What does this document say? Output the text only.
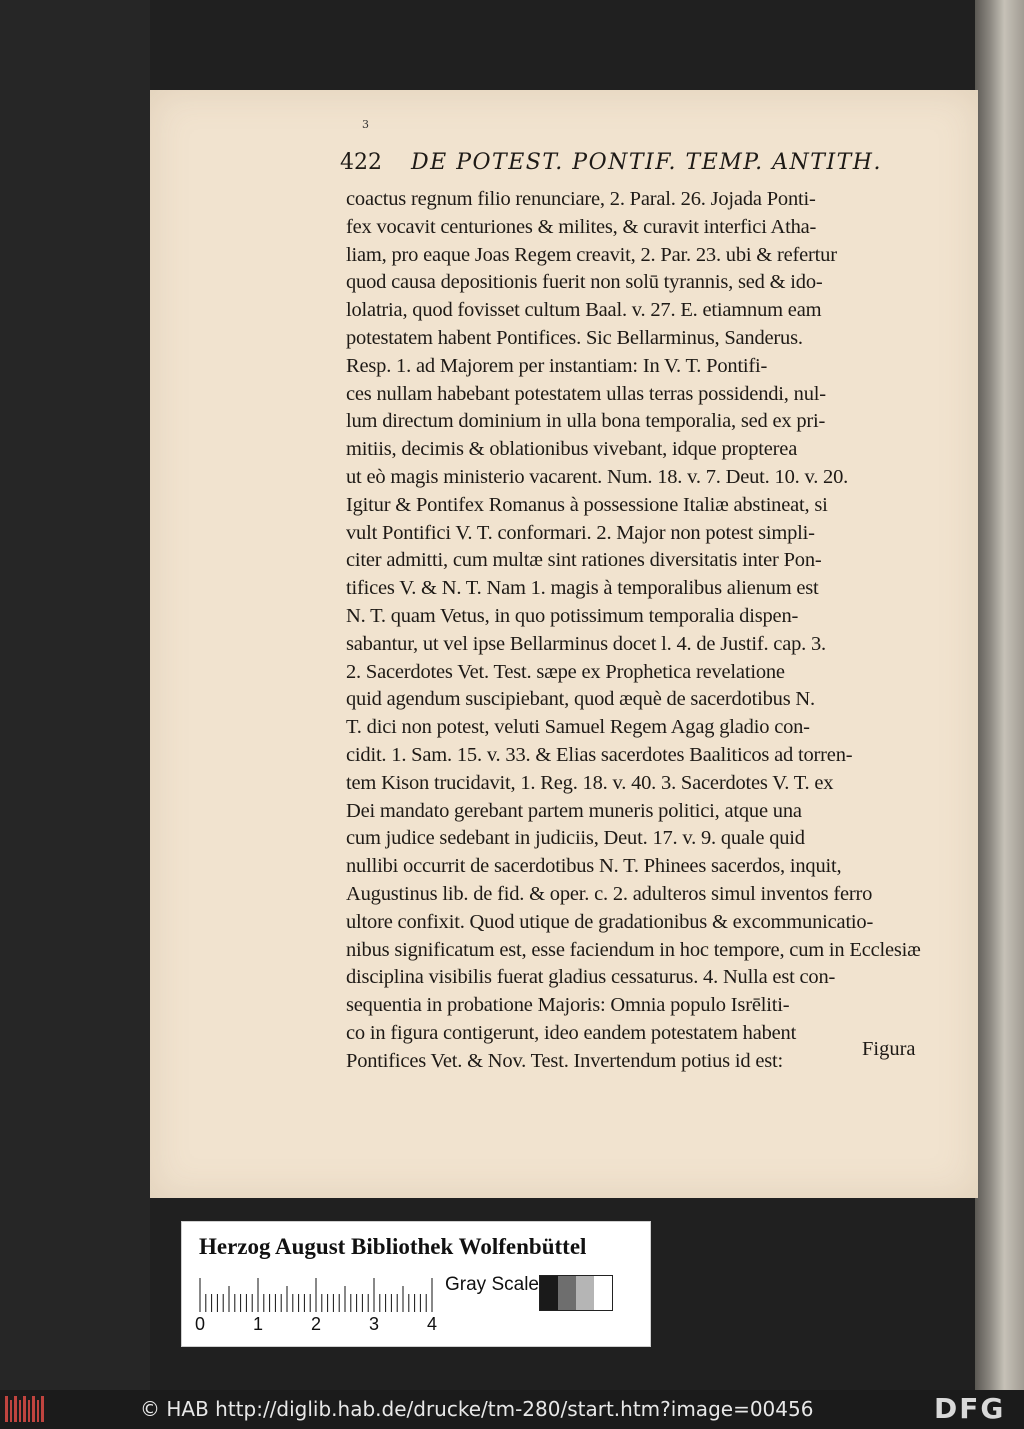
3
422 DE POTEST. PONTIF. TEMP. ANTITH.
coactus regnum filio renunciare, 2. Paral. 26. Jojada Ponti-
fex vocavit centuriones & milites, & curavit interfici Atha-
liam, pro eaque Joas Regem creavit, 2. Par. 23. ubi & refertur
quod causa depositionis fuerit non solū tyrannis, sed & ido-
lolatria, quod fovisset cultum Baal. v. 27. E. etiamnum eam
potestatem habent Pontifices. Sic Bellarminus, Sanderus.
Resp. 1. ad Majorem per instantiam: In V. T. Pontifi-
ces nullam habebant potestatem ullas terras possidendi, nul-
lum directum dominium in ulla bona temporalia, sed ex pri-
mitiis, decimis & oblationibus vivebant, idque propterea
ut eò magis ministerio vacarent. Num. 18. v. 7. Deut. 10. v. 20.
Igitur & Pontifex Romanus à possessione Italiæ abstineat, si
vult Pontifici V. T. conformari. 2. Major non potest simpli-
citer admitti, cum multæ sint rationes diversitatis inter Pon-
tifices V. & N. T. Nam 1. magis à temporalibus alienum est
N. T. quam Vetus, in quo potissimum temporalia dispen-
sabantur, ut vel ipse Bellarminus docet l. 4. de Justif. cap. 3.
2. Sacerdotes Vet. Test. sæpe ex Prophetica revelatione
quid agendum suscipiebant, quod æquè de sacerdotibus N.
T. dici non potest, veluti Samuel Regem Agag gladio con-
cidit. 1. Sam. 15. v. 33. & Elias sacerdotes Baaliticos ad torren-
tem Kison trucidavit, 1. Reg. 18. v. 40. 3. Sacerdotes V. T. ex
Dei mandato gerebant partem muneris politici, atque una
cum judice sedebant in judiciis, Deut. 17. v. 9. quale quid
nullibi occurrit de sacerdotibus N. T. Phinees sacerdos, inquit,
Augustinus lib. de fid. & oper. c. 2. adulteros simul inventos ferro
ultore confixit. Quod utique de gradationibus & excommunicatio-
nibus significatum est, esse faciendum in hoc tempore, cum in Ecclesiæ
disciplina visibilis fuerat gladius cessaturus. 4. Nulla est con-
sequentia in probatione Majoris: Omnia populo Isrēliti-
co in figura contigerunt, ideo eandem potestatem habent
Pontifices Vet. & Nov. Test. Invertendum potius id est:
Figura
Herzog August Bibliothek Wolfenbüttel
0	1	2	3	4
Gray Scale
© HAB http://diglib.hab.de/drucke/tm-280/start.htm?image=00456	DFG
